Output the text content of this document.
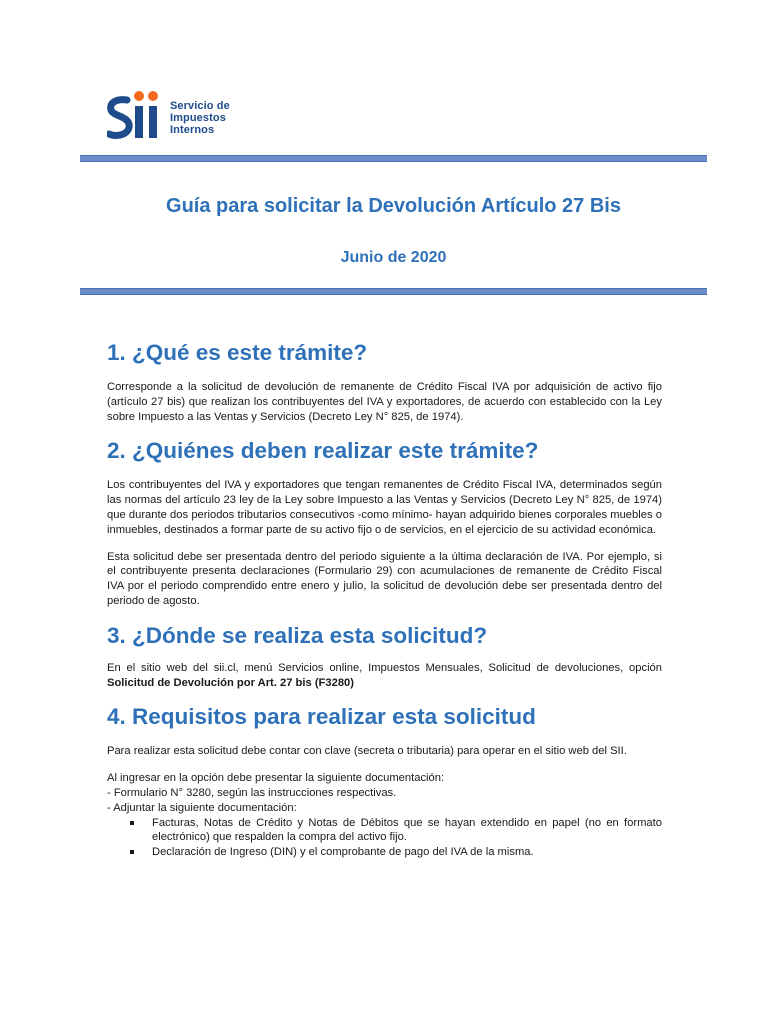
Servicio de
Impuestos
Internos
Guía para solicitar la Devolución Artículo 27 Bis
Junio de 2020
1. ¿Qué es este trámite?

Corresponde a la solicitud de devolución de remanente de Crédito Fiscal IVA por adquisición de activo fijo (artículo 27 bis) que realizan los contribuyentes del IVA y exportadores, de acuerdo con establecido con la Ley sobre Impuesto a las Ventas y Servicios (Decreto Ley N° 825, de 1974).

2. ¿Quiénes deben realizar este trámite?

Los contribuyentes del IVA y exportadores que tengan remanentes de Crédito Fiscal IVA, determinados según las normas del artículo 23 ley de la Ley sobre Impuesto a las Ventas y Servicios (Decreto Ley N° 825, de 1974) que durante dos periodos tributarios consecutivos -como mínimo- hayan adquirido bienes corporales muebles o inmuebles, destinados a formar parte de su activo fijo o de servicios, en el ejercicio de su actividad económica.

Esta solicitud debe ser presentada dentro del periodo siguiente a la última declaración de IVA. Por ejemplo, si el contribuyente presenta declaraciones (Formulario 29) con acumulaciones de remanente de Crédito Fiscal IVA por el periodo comprendido entre enero y julio, la solicitud de devolución debe ser presentada dentro del periodo de agosto.

3. ¿Dónde se realiza esta solicitud?

En el sitio web del sii.cl, menú Servicios online, Impuestos Mensuales, Solicitud de devoluciones, opción Solicitud de Devolución por Art. 27 bis (F3280)

4. Requisitos para realizar esta solicitud

Para realizar esta solicitud debe contar con clave (secreta o tributaria) para operar en el sitio web del SII.

Al ingresar en la opción debe presentar la siguiente documentación:
- Formulario N° 3280, según las instrucciones respectivas.
- Adjuntar la siguiente documentación:
Facturas, Notas de Crédito y Notas de Débitos que se hayan extendido en papel (no en formato electrónico) que respalden la compra del activo fijo.
Declaración de Ingreso (DIN) y el comprobante de pago del IVA de la misma.
